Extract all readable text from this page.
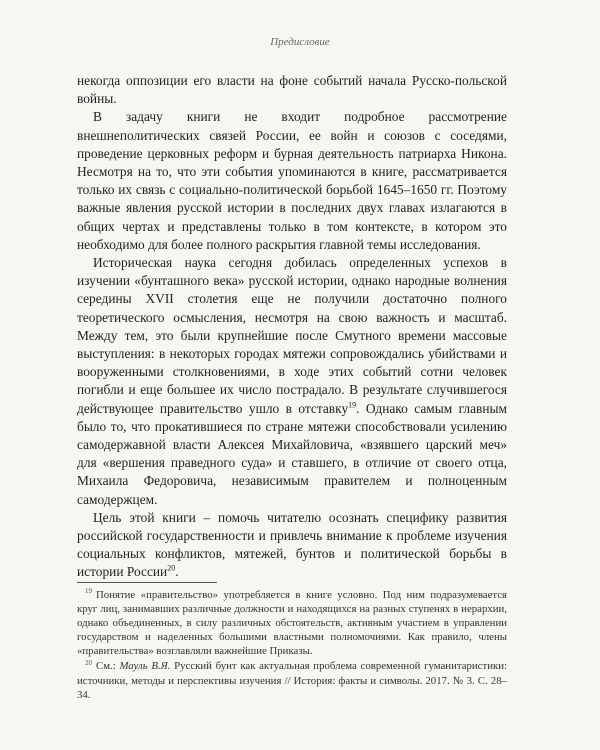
Предисловие

некогда оппозиции его власти на фоне событий начала Русско-польской войны.

В задачу книги не входит подробное рассмотрение внешнеполитических связей России, ее войн и союзов с соседями, проведение церковных реформ и бурная деятельность патриарха Никона. Несмотря на то, что эти события упоминаются в книге, рассматривается только их связь с социально-политической борьбой 1645–1650 гг. Поэтому важные явления русской истории в последних двух главах излагаются в общих чертах и представлены только в том контексте, в котором это необходимо для более полного раскрытия главной темы исследования.

Историческая наука сегодня добилась определенных успехов в изучении «бунташного века» русской истории, однако народные волнения середины XVII столетия еще не получили достаточно полного теоретического осмысления, несмотря на свою важность и масштаб. Между тем, это были крупнейшие после Смутного времени массовые выступления: в некоторых городах мятежи сопровождались убийствами и вооруженными столкновениями, в ходе этих событий сотни человек погибли и еще большее их число пострадало. В результате случившегося действующее правительство ушло в отставку$^{19}$. Однако самым главным было то, что прокатившиеся по стране мятежи способствовали усилению самодержавной власти Алексея Михайловича, «взявшего царский меч» для «вершения праведного суда» и ставшего, в отличие от своего отца, Михаила Федоровича, независимым правителем и полноценным самодержцем.

Цель этой книги – помочь читателю осознать специфику развития российской государственности и привлечь внимание к проблеме изучения социальных конфликтов, мятежей, бунтов и политической борьбы в истории России$^{20}$.

$^{19}$ Понятие «правительство» употребляется в книге условно. Под ним подразумевается круг лиц, занимавших различные должности и находящихся на разных ступенях в иерархии, однако объединенных, в силу различных обстоятельств, активным участием в управлении государством и наделенных большими властными полномочиями. Как правило, члены «правительства» возглавляли важнейшие Приказы.

$^{20}$ См.: Мауль В.Я. Русский бунт как актуальная проблема современной гуманитаристики: источники, методы и перспективы изучения // История: факты и символы. 2017. № 3. С. 28–34.
